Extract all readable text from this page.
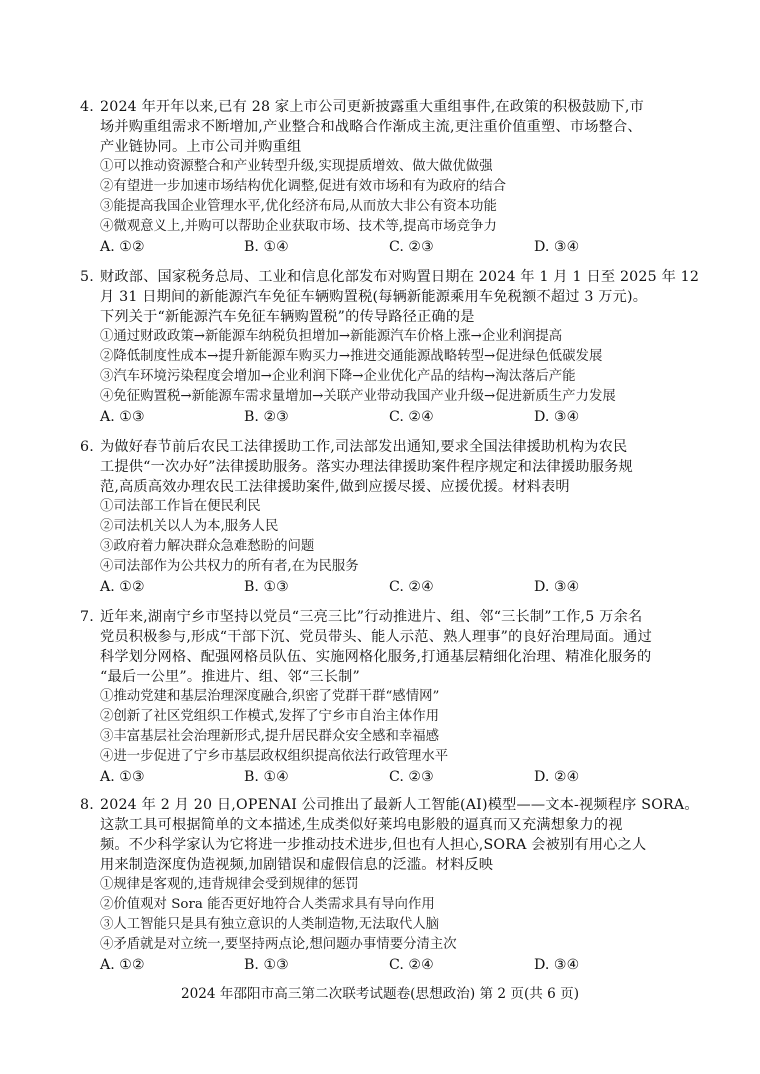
4. 2024 年开年以来,已有 28 家上市公司更新披露重大重组事件,在政策的积极鼓励下,市
场并购重组需求不断增加,产业整合和战略合作渐成主流,更注重价值重塑、市场整合、
产业链协同。上市公司并购重组
①可以推动资源整合和产业转型升级,实现提质增效、做大做优做强
②有望进一步加速市场结构优化调整,促进有效市场和有为政府的结合
③能提高我国企业管理水平,优化经济布局,从而放大非公有资本功能
④微观意义上,并购可以帮助企业获取市场、技术等,提高市场竞争力
A. ①②	B. ①④	C. ②③	D. ③④
5. 财政部、国家税务总局、工业和信息化部发布对购置日期在 2024 年 1 月 1 日至 2025 年 12
月 31 日期间的新能源汽车免征车辆购置税(每辆新能源乘用车免税额不超过 3 万元)。
下列关于“新能源汽车免征车辆购置税”的传导路径正确的是
①通过财政政策→新能源车纳税负担增加→新能源汽车价格上涨→企业利润提高
②降低制度性成本→提升新能源车购买力→推进交通能源战略转型→促进绿色低碳发展
③汽车环境污染程度会增加→企业利润下降→企业优化产品的结构→淘汰落后产能
④免征购置税→新能源车需求量增加→关联产业带动我国产业升级→促进新质生产力发展
A. ①③	B. ②③	C. ②④	D. ③④
6. 为做好春节前后农民工法律援助工作,司法部发出通知,要求全国法律援助机构为农民
工提供“一次办好”法律援助服务。落实办理法律援助案件程序规定和法律援助服务规
范,高质高效办理农民工法律援助案件,做到应援尽援、应援优援。材料表明
①司法部工作旨在便民利民
②司法机关以人为本,服务人民
③政府着力解决群众急难愁盼的问题
④司法部作为公共权力的所有者,在为民服务
A. ①②	B. ①③	C. ②④	D. ③④
7. 近年来,湖南宁乡市坚持以党员“三亮三比”行动推进片、组、邻“三长制”工作,5 万余名
党员积极参与,形成“干部下沉、党员带头、能人示范、熟人理事”的良好治理局面。通过
科学划分网格、配强网格员队伍、实施网格化服务,打通基层精细化治理、精准化服务的
“最后一公里”。推进片、组、邻“三长制”
①推动党建和基层治理深度融合,织密了党群干群“感情网”
②创新了社区党组织工作模式,发挥了宁乡市自治主体作用
③丰富基层社会治理新形式,提升居民群众安全感和幸福感
④进一步促进了宁乡市基层政权组织提高依法行政管理水平
A. ①③	B. ①④	C. ②③	D. ②④
8. 2024 年 2 月 20 日,OPENAI 公司推出了最新人工智能(AI)模型——文本-视频程序 SORA。
这款工具可根据简单的文本描述,生成类似好莱坞电影般的逼真而又充满想象力的视
频。不少科学家认为它将进一步推动技术进步,但也有人担心,SORA 会被别有用心之人
用来制造深度伪造视频,加剧错误和虚假信息的泛滥。材料反映
①规律是客观的,违背规律会受到规律的惩罚
②价值观对 Sora 能否更好地符合人类需求具有导向作用
③人工智能只是具有独立意识的人类制造物,无法取代人脑
④矛盾就是对立统一,要坚持两点论,想问题办事情要分清主次
A. ①②	B. ①③	C. ②④	D. ③④
2024 年邵阳市高三第二次联考试题卷(思想政治) 第 2 页(共 6 页)
